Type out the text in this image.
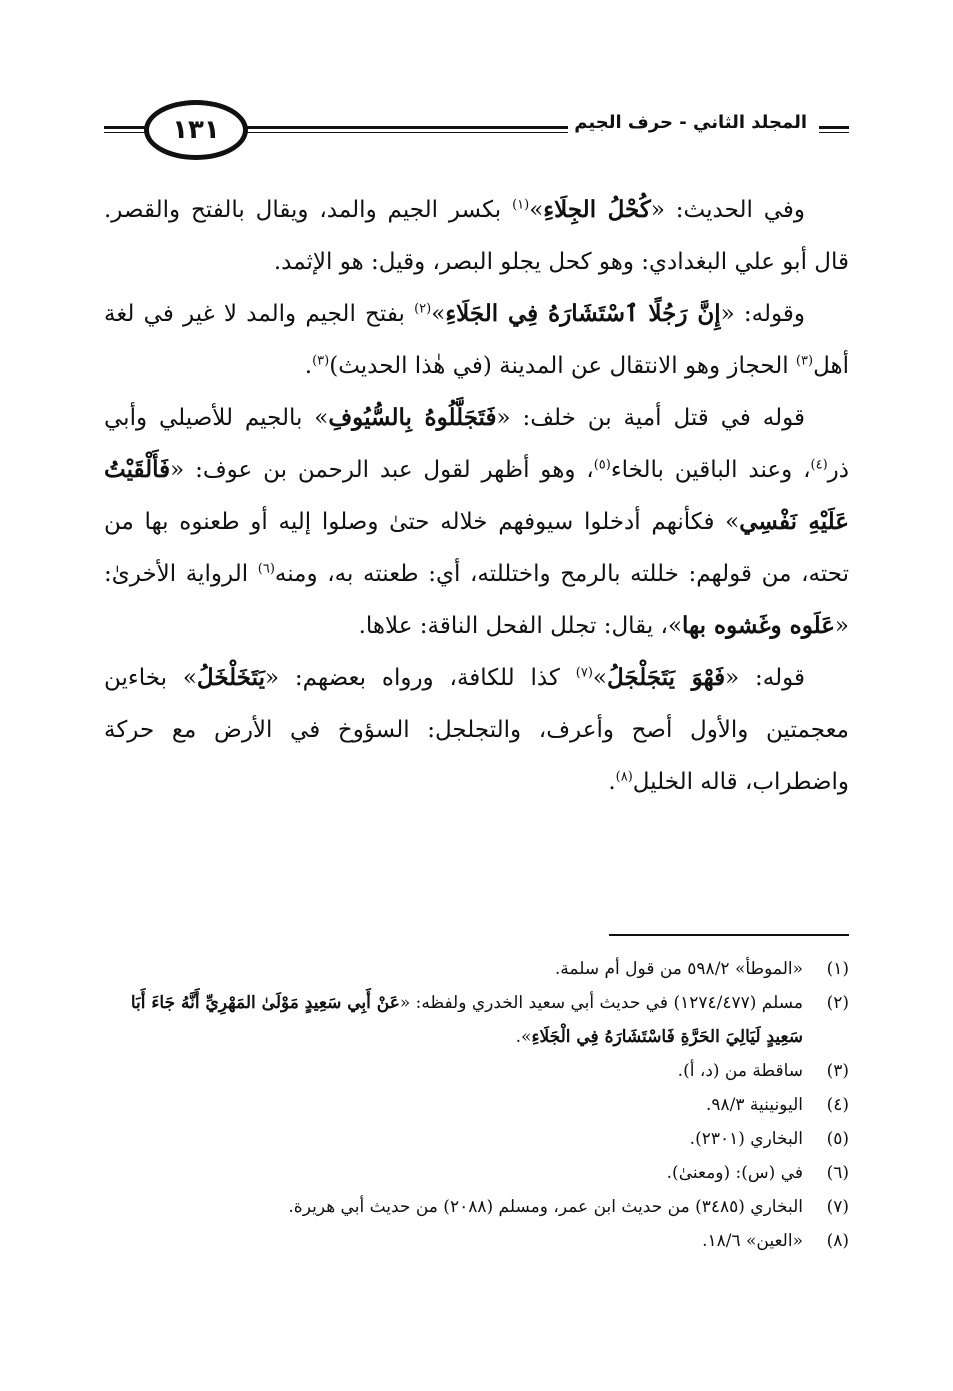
١٣١	المجلد الثاني - حرف الجيم

وفي الحديث: «كُحْلُ الجِلَاءِ»$^{(١)}$ بكسر الجيم والمد، ويقال بالفتح والقصر. قال أبو علي البغدادي: وهو كحل يجلو البصر، وقيل: هو الإثمد.

وقوله: «إِنَّ رَجُلًا ٱسْتَشَارَهُ فِي الجَلَاءِ»$^{(٢)}$ بفتح الجيم والمد لا غير في لغة أهل$^{(٣)}$ الحجاز وهو الانتقال عن المدينة (في هٰذا الحديث)$^{(٣)}$.

قوله في قتل أمية بن خلف: «فَتَجَلَّلُوهُ بِالسُّيُوفِ» بالجيم للأصيلي وأبي ذر$^{(٤)}$، وعند الباقين بالخاء$^{(٥)}$، وهو أظهر لقول عبد الرحمن بن عوف: «فَأَلْقَيْتُ عَلَيْهِ نَفْسِي» فكأنهم أدخلوا سيوفهم خلاله حتىٰ وصلوا إليه أو طعنوه بها من تحته، من قولهم: خللته بالرمح واختللته، أي: طعنته به، ومنه$^{(٦)}$ الرواية الأخرىٰ: «عَلَوه وغَشوه بها»، يقال: تجلل الفحل الناقة: علاها.

قوله: «فَهْوَ يَتَجَلْجَلُ»$^{(٧)}$ كذا للكافة، ورواه بعضهم: «يَتَخَلْخَلُ» بخاءين معجمتين والأول أصح وأعرف، والتجلجل: السؤوخ في الأرض مع حركة واضطراب، قاله الخليل$^{(٨)}$.

(١)
«الموطأ» ٥٩٨/٢ من قول أم سلمة.
(٢)
مسلم (١٢٧٤/٤٧٧) في حديث أبي سعيد الخدري ولفظه: «عَنْ أَبِي سَعِيدٍ مَوْلَىٰ المَهْرِيِّ أَنَّهُ جَاءَ أَبَا سَعِيدٍ لَيَالِيَ الحَرَّةِ فَاسْتَشَارَهُ فِي الْجَلَاءِ».
(٣)
ساقطة من (د، أ).
(٤)
اليونينية ٩٨/٣.
(٥)
البخاري (٢٣٠١).
(٦)
في (س): (ومعنىٰ).
(٧)
البخاري (٣٤٨٥) من حديث ابن عمر، ومسلم (٢٠٨٨) من حديث أبي هريرة.
(٨)
«العين» ١٨/٦.
